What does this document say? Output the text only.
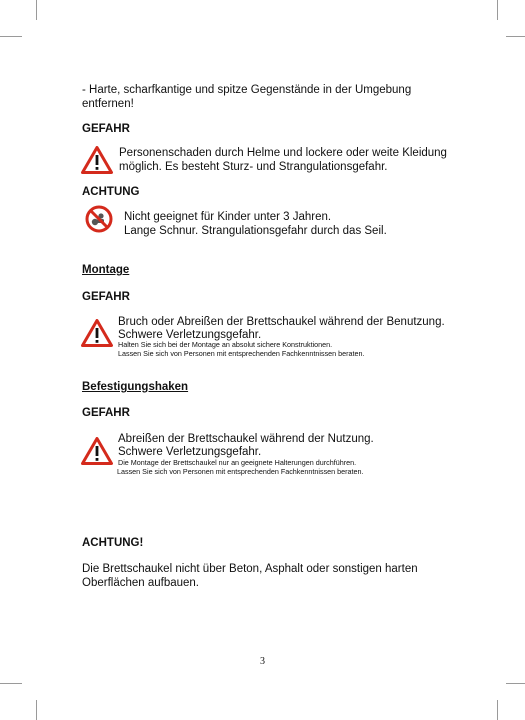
- Harte, scharfkantige und spitze Gegenstände in der Umgebung

entfernen!

GEFAHR

Personenschaden durch Helme und lockere oder weite Kleidung

möglich. Es besteht Sturz- und Strangulationsgefahr.

ACHTUNG

Nicht geeignet für Kinder unter 3 Jahren.

Lange Schnur. Strangulationsgefahr durch das Seil.

Montage

GEFAHR

Bruch oder Abreißen der Brettschaukel während der Benutzung.

Schwere Verletzungsgefahr.

Halten Sie sich bei der Montage an absolut sichere Konstruktionen.
Lassen Sie sich von Personen mit entsprechenden Fachkenntnissen beraten.

Befestigungshaken

GEFAHR

Abreißen der Brettschaukel während der Nutzung.

Schwere Verletzungsgefahr.

Die Montage der Brettschaukel nur an geeignete Halterungen durchführen.
Lassen Sie sich von Personen mit entsprechenden Fachkenntnissen beraten.

ACHTUNG!

Die Brettschaukel nicht über Beton, Asphalt oder sonstigen harten

Oberflächen aufbauen.

3
